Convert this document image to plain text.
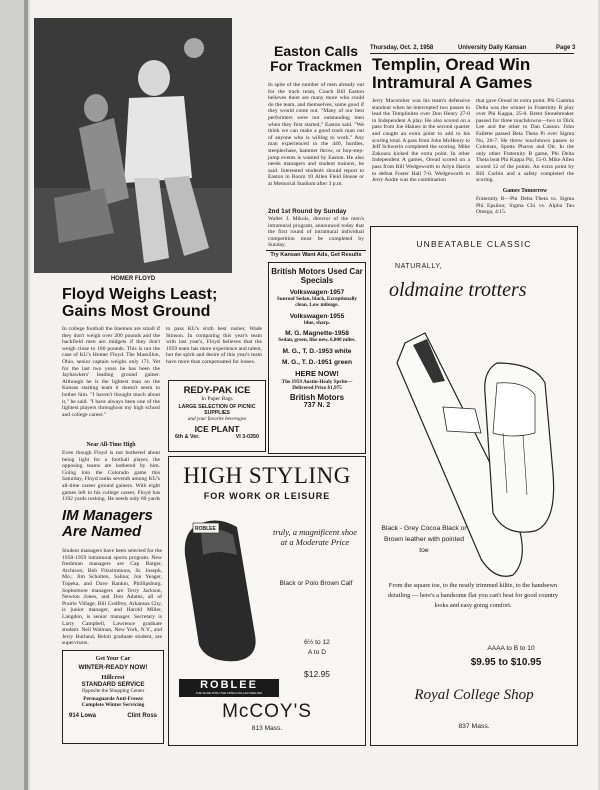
Thursday, Oct. 2, 1958	University Daily Kansan	Page 3
HOMER FLOYD
Easton Calls For Trackmen
In spite of the number of men already out for the track team, Coach Bill Easton believes there are many more who could do the team, and themselves, some good if they would come out. "Many of our best performers were not outstanding men when they first started," Easton said. "We think we can make a good track man out of anyone who is willing to work." Any man experienced in the 440, hurdles, steeplechase, hammer throw, or hop-step-jump events is wanted by Easton. He also needs managers and student trainers, he said. Interested students should report to Easton in Room 10 Allen Field House or at Memorial Stadium after 3 p.m.
2nd 1st Round by Sunday
Walter J. Mikols, director of the men's intramural program, announced today that the first round of intramural individual competition must be completed by Sunday.
Try Kansan Want Ads, Get Results
Templin, Oread Win Intramural A Games
Jerry Macomber was his team's defensive standout when he intercepted two passes to lead the Templinites over Don Henry 27-0 in Independent A play. He also scored on a pass from Joe Haines in the second quarter and caught an extra point to add to his scoring total. A pass from John McHenry to Jeff Schwerin completed the scoring. Mike Zakoura kicked the extra point. In other Independent A games, Oread scored on a pass from Bill Wedgeworth to Arlyn Harris to defeat Foster Hall 7-0. Wedgeworth to Jerry Andre was the combination
that gave Oread its extra point. Phi Gamma Delta was the winner in Fraternity B play over Phi Kappa, 25-0. Brent Stonebreaker passed for three touchdowns—two to Dick Lee and the other to Dan Casson. John Fallette passed Beta Theta Pi over Sigma Nu, 26-7. He threw touchdown passes to Coleman, Spotts Pharos and Ott. In the only other Fraternity B game, Phi Delta Theta beat Phi Kappa Psi, 15-0. Mike Allen scored 12 of the points. An extra point by Bill Corbin and a safety completed the scoring.
Games Tomorrow
Fraternity B—Phi Delta Theta vs. Sigma Phi Epsilon; Sigma Chi vs. Alpha Tau Omega, 4:15.
Floyd Weighs Least; Gains Most Ground
In college football the linemen are small if they don't weigh over 200 pounds and the backfield men are midgets if they don't weigh close to 180 pounds. This is not the case of KU's Homer Floyd. The Massillon, Ohio, senior captain weighs only 171. Yet for the last two years he has been the Jayhawkers' leading ground gainer. Although he is the lightest man on the Kansas starting team it doesn't seem to bother him. "I haven't thought much about it," he said. "I have always been one of the lightest players throughout my high school and college career."
Near All-Time High
Even though Floyd is not bothered about being light for a football player, the opposing teams are bothered by him. Going into the Colorado game this Saturday, Floyd ranks seventh among KU's all-time career ground gainers. With eight games left in his college career, Floyd has 1192 yards rushing. He needs only 60 yards
to pass KU's sixth best rusher, Wade Stinson. In comparing this year's team with last year's, Floyd believes that the 1959 team has more experience and talent, but the spirit and desire of this year's team have more than compensated for losses.
REDY-PAK ICE
In Paper Bags
LARGE SELECTION OF PICNIC SUPPLIES
and your favorite beverages
ICE PLANT
6th & Ver.	VI 3-0350
British Motors Used Car Specials
Volkswagen-1957
Sunroof Sedan, black, Exceptionally clean. Low mileage.
Volkswagen-1955
blue, sharp.
M. G. Magnette-1958
Sedan, green, like new, 6,000 miles.
M. G., T. D.-1953 white
M. G., T. D.-1951 green
HERE NOW!
The 1959 Austin-Healy Sprite—Delivered Price $1,975
British Motors
737 N. 2
IM Managers Are Named
Student managers have been selected for the 1958-1959 intramural sports program. New freshman managers are Cap Barger, Atchison; Bob Fitzsimmons, St. Joseph, Mo.; Jim Scholten, Salina; Jon Yeager, Topeka, and Dave Rankin, Phillipsburg. Sophomore managers are Terry Jackson, Newton Jones, and Don Adams, all of Prairie Village. Bill Godfrey, Arkansas City, is junior manager, and Harold Miller, Langdon, is senior manager. Secretary is Larry Campbell, Lawrence graduate student. Neil Walman, New York, N.Y., and Jerry Burland, Beloit graduate student, are supervisors.
Get Your Car
WINTER-READY NOW!
Hillcrest
STANDARD SERVICE
Opposite the Shopping Center
Permaguarde Anti-Freeze
Complete Winter Servicing
914 Lowa	Clint Ross
HIGH STYLING
FOR WORK OR LEISURE
ROBLEE	truly, a magnificent shoe at a Moderate Price
Black or Polo Brown Calf
6½ to 12
A to D
$12.95
ROBLEE
THE SHOE WITH THE OPEN-COLLAR FEELING
McCOY'S
813 Mass.
UNBEATABLE CLASSIC
NATURALLY,
oldmaine trotters
Black - Grey Cocoa Black or Brown leather with pointed toe
From the square toe, to the neatly trimmed kiltie, to the handsewn detailing — here's a handsome flat you can't beat for good country looks and easy going comfort.
AAAA to B to 10
$9.95 to $10.95
Royal College Shop
837 Mass.
